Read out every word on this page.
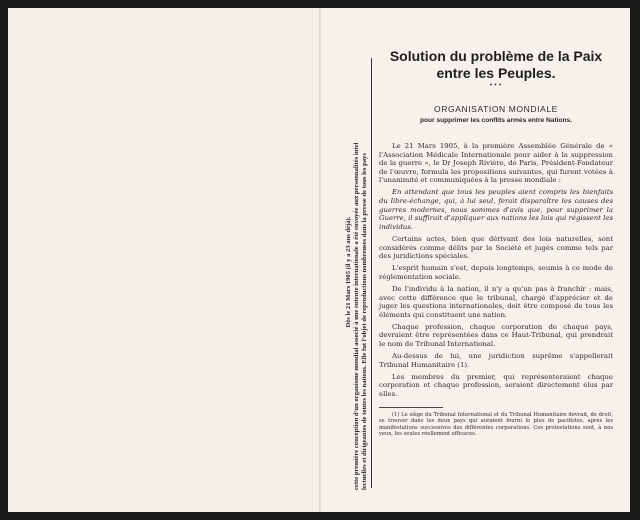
Dès le 21 Mars 1905 (il y a 23 ans déjà). cette première conception d'un organisme mondial associé à une entente internationale a été envoyée aux personnalités intel lectuelles et dirigeantes de toutes les nations. Elle fut l'objet de reproductions nombreuses dans la presse de tous les pays
Solution du problème de la Paix
entre les Peuples.
•••
ORGANISATION MONDIALE
pour supprimer les conflits armés entre Nations.

Le 21 Mars 1905, à la première Assemblée Générale de « l'Association Médicale Internationale pour aider à la suppression de la guerre », le Dr Joseph Rivière, de Paris, Président-Fondateur de l'œuvre, formula les propositions suivantes, qui furent votées à l'unanimité et communiquées à la presse mondiale :

En attendant que tous les peuples aient compris les bienfaits du libre-échange, qui, à lui seul, ferait disparaître les causes des guerres modernes, nous sommes d'avis que, pour supprimer la Guerre, il suffirait d'appliquer aux nations les lois qui régissent les individus.

Certains actes, bien que dérivant des lois naturelles, sont considérés comme délits par la Société et jugés comme tels par des juridictions spéciales.

L'esprit humain s'est, depuis longtemps, soumis à ce mode de réglementation sociale.

De l'individu à la nation, il n'y a qu'un pas à franchir : mais, avec cette différence que le tribunal, chargé d'apprécier et de juger les questions internationales, doit être composé de tous les éléments qui constituent une nation.

Chaque profession, chaque corporation de chaque pays, devraient être représentées dans ce Haut-Tribunal, qui prendrait le nom de Tribunal International.

Au-dessus de lui, une juridiction suprême s'appellerait Tribunal Humanitaire (1).

Les membres du premier, qui représenteraient chaque corporation et chaque profession, seraient directement élus par elles.

(1) Le siège du Tribunal International et du Tribunal Humanitaire devrait, de droit, se trouver dans les deux pays qui auraient fourni le plus de pacifistes, après les manifestations successives des différentes corporations. Ces protestations sont, à nos yeux, les seules réellement efficaces.
